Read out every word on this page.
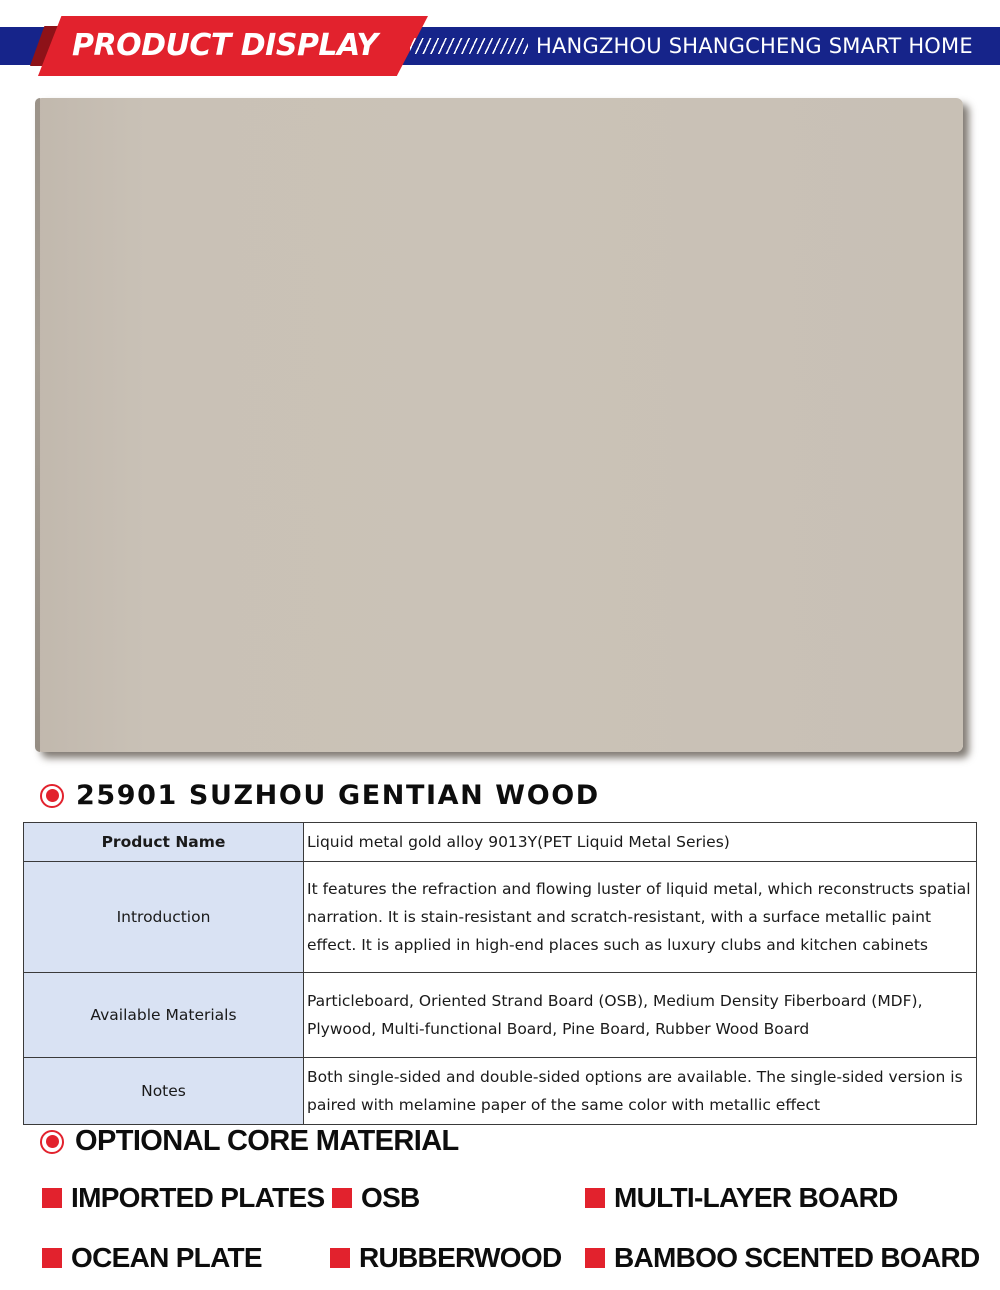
PRODUCT DISPLAY	HANGZHOU SHANGCHENG SMART HOME
25901 SUZHOU GENTIAN WOOD
Product Name	Liquid metal gold alloy 9013Y(PET Liquid Metal Series)
Introduction	It features the refraction and flowing luster of liquid metal, which reconstructs spatial narration. It is stain-resistant and scratch-resistant, with a surface metallic paint effect. It is applied in high-end places such as luxury clubs and kitchen cabinets
Available Materials	Particleboard, Oriented Strand Board (OSB), Medium Density Fiberboard (MDF), Plywood, Multi-functional Board, Pine Board, Rubber Wood Board
Notes	Both single-sided and double-sided options are available. The single-sided version is paired with melamine paper of the same color with metallic effect
OPTIONAL CORE MATERIAL
IMPORTED PLATES OSB	MULTI-LAYER BOARD
OCEAN PLATE	RUBBERWOOD BAMBOO SCENTED BOARD
